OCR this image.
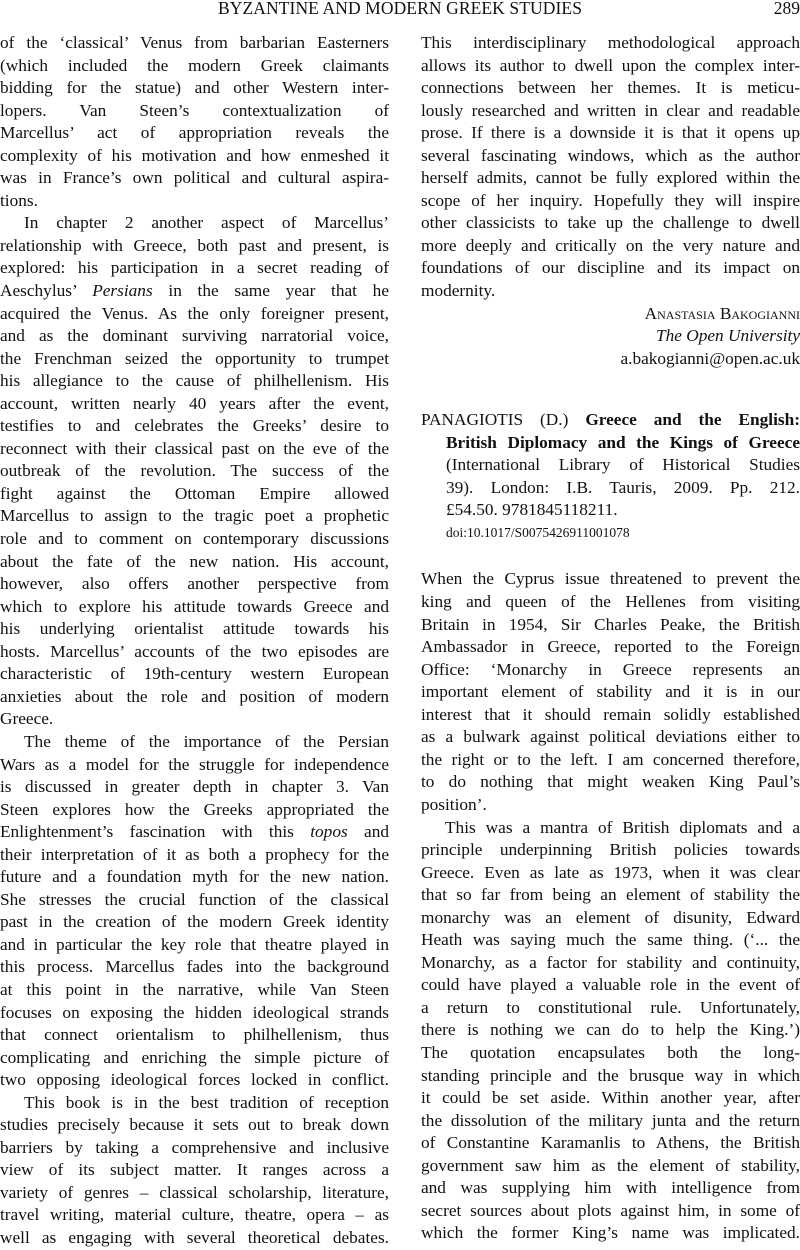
BYZANTINE AND MODERN GREEK STUDIES	289
of the ‘classical’ Venus from barbarian Easterners
(which included the modern Greek claimants
bidding for the statue) and other Western inter-
lopers. Van Steen’s contextualization of
Marcellus’ act of appropriation reveals the
complexity of his motivation and how enmeshed it
was in France’s own political and cultural aspira-
tions.
In chapter 2 another aspect of Marcellus’
relationship with Greece, both past and present, is
explored: his participation in a secret reading of
Aeschylus’ Persians in the same year that he
acquired the Venus. As the only foreigner present,
and as the dominant surviving narratorial voice,
the Frenchman seized the opportunity to trumpet
his allegiance to the cause of philhellenism. His
account, written nearly 40 years after the event,
testifies to and celebrates the Greeks’ desire to
reconnect with their classical past on the eve of the
outbreak of the revolution. The success of the
fight against the Ottoman Empire allowed
Marcellus to assign to the tragic poet a prophetic
role and to comment on contemporary discussions
about the fate of the new nation. His account,
however, also offers another perspective from
which to explore his attitude towards Greece and
his underlying orientalist attitude towards his
hosts. Marcellus’ accounts of the two episodes are
characteristic of 19th-century western European
anxieties about the role and position of modern
Greece.
The theme of the importance of the Persian
Wars as a model for the struggle for independence
is discussed in greater depth in chapter 3. Van
Steen explores how the Greeks appropriated the
Enlightenment’s fascination with this topos and
their interpretation of it as both a prophecy for the
future and a foundation myth for the new nation.
She stresses the crucial function of the classical
past in the creation of the modern Greek identity
and in particular the key role that theatre played in
this process. Marcellus fades into the background
at this point in the narrative, while Van Steen
focuses on exposing the hidden ideological strands
that connect orientalism to philhellenism, thus
complicating and enriching the simple picture of
two opposing ideological forces locked in conflict.
This book is in the best tradition of reception
studies precisely because it sets out to break down
barriers by taking a comprehensive and inclusive
view of its subject matter. It ranges across a
variety of genres – classical scholarship, literature,
travel writing, material culture, theatre, opera – as
well as engaging with several theoretical debates.
This interdisciplinary methodological approach
allows its author to dwell upon the complex inter-
connections between her themes. It is meticu-
lously researched and written in clear and readable
prose. If there is a downside it is that it opens up
several fascinating windows, which as the author
herself admits, cannot be fully explored within the
scope of her inquiry. Hopefully they will inspire
other classicists to take up the challenge to dwell
more deeply and critically on the very nature and
foundations of our discipline and its impact on
modernity.
Anastasia Bakogianni
The Open University
a.bakogianni@open.ac.uk
PANAGIOTIS (D.) Greece and the English:
British Diplomacy and the Kings of Greece
(International Library of Historical Studies
39). London: I.B. Tauris, 2009. Pp. 212.
£54.50. 9781845118211.
doi:10.1017/S0075426911001078
When the Cyprus issue threatened to prevent the
king and queen of the Hellenes from visiting
Britain in 1954, Sir Charles Peake, the British
Ambassador in Greece, reported to the Foreign
Office: ‘Monarchy in Greece represents an
important element of stability and it is in our
interest that it should remain solidly established
as a bulwark against political deviations either to
the right or to the left. I am concerned therefore,
to do nothing that might weaken King Paul’s
position’.
This was a mantra of British diplomats and a
principle underpinning British policies towards
Greece. Even as late as 1973, when it was clear
that so far from being an element of stability the
monarchy was an element of disunity, Edward
Heath was saying much the same thing. (‘... the
Monarchy, as a factor for stability and continuity,
could have played a valuable role in the event of
a return to constitutional rule. Unfortunately,
there is nothing we can do to help the King.’)
The quotation encapsulates both the long-
standing principle and the brusque way in which
it could be set aside. Within another year, after
the dissolution of the military junta and the return
of Constantine Karamanlis to Athens, the British
government saw him as the element of stability,
and was supplying him with intelligence from
secret sources about plots against him, in some of
which the former King’s name was implicated.
